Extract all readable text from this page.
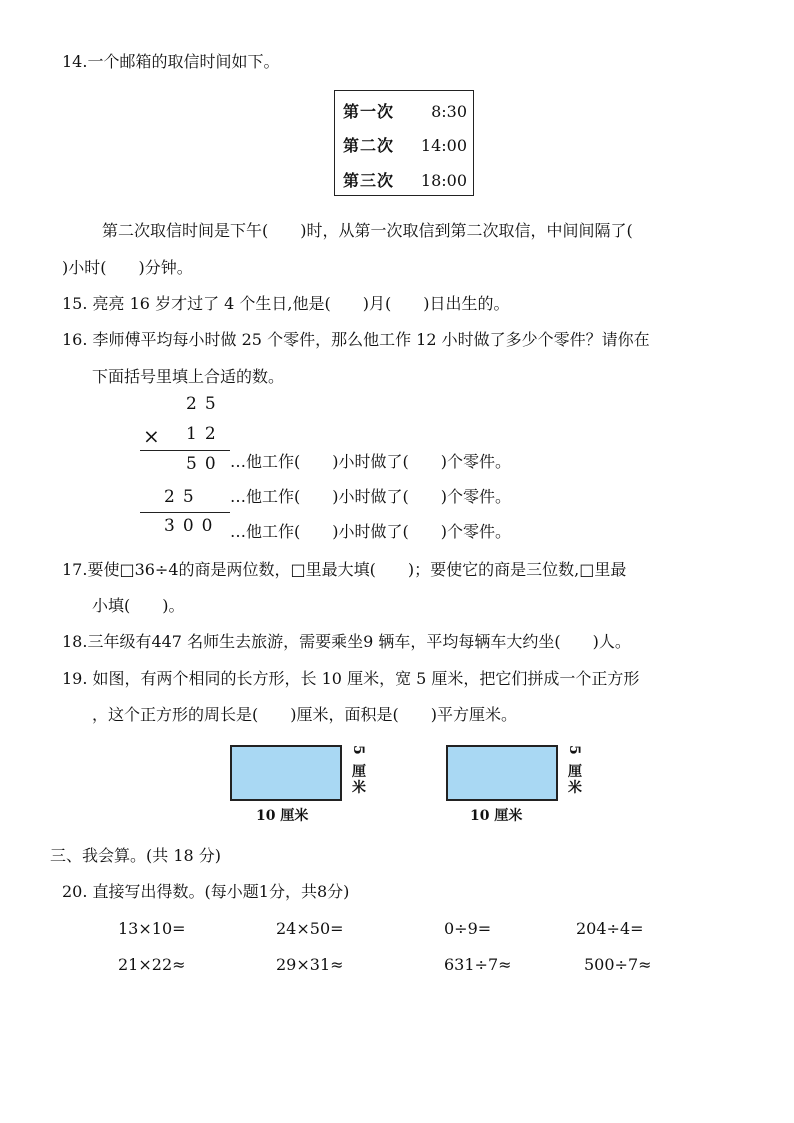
14.一个邮箱的取信时间如下。
第一次 8:30
第二次 14:00
第三次 18:00
第二次取信时间是下午(　　)时，从第一次取信到第二次取信，中间间隔了(
)小时(　　)分钟。
15. 亮亮 16 岁才过了 4 个生日,他是(　　)月(　　)日出生的。
16. 李师傅平均每小时做 25 个零件，那么他工作 12 小时做了多少个零件？请你在
下面括号里填上合适的数。
25
× 12
50 …他工作(　　)小时做了(　　)个零件。
25 …他工作(　　)小时做了(　　)个零件。
300 …他工作(　　)小时做了(　　)个零件。
17.要使□36÷4的商是两位数，□里最大填(　　)；要使它的商是三位数,□里最
小填(　　)。
18.三年级有447 名师生去旅游，需要乘坐9 辆车，平均每辆车大约坐(　　)人。
19. 如图，有两个相同的长方形，长 10 厘米，宽 5 厘米，把它们拼成一个正方形
，这个正方形的周长是(　　)厘米，面积是(　　)平方厘米。
5 厘米
10 厘米
5 厘米
10 厘米
三、我会算。(共 18 分)
20. 直接写出得数。(每小题1分，共8分)
13×10=	24×50=	0÷9=	204÷4=
21×22≈	29×31≈	631÷7≈	500÷7≈
